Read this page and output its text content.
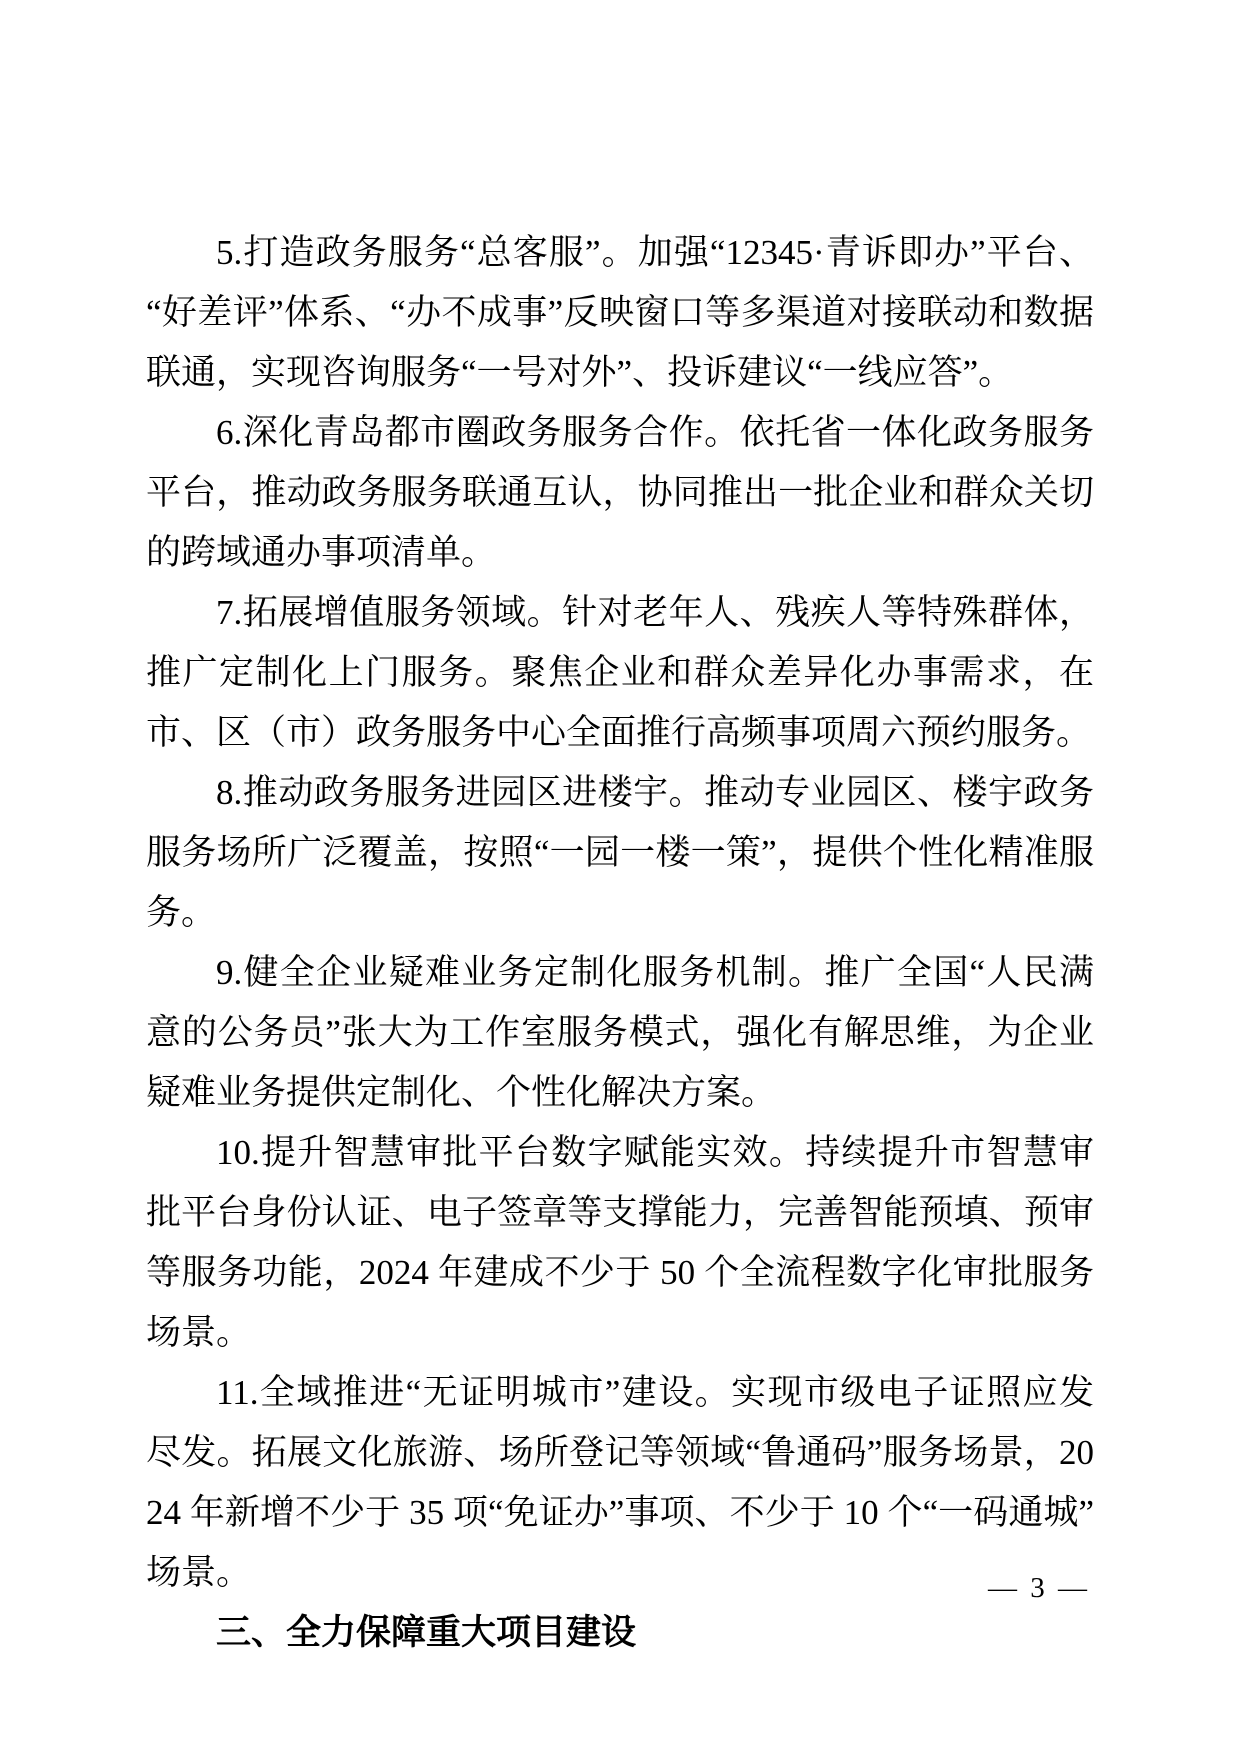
5.打造政务服务“总客服”。加强“12345·青诉即办”平台、“好差评”体系、“办不成事”反映窗口等多渠道对接联动和数据联通，实现咨询服务“一号对外”、投诉建议“一线应答”。

6.深化青岛都市圈政务服务合作。依托省一体化政务服务平台，推动政务服务联通互认，协同推出一批企业和群众关切的跨域通办事项清单。

7.拓展增值服务领域。针对老年人、残疾人等特殊群体，推广定制化上门服务。聚焦企业和群众差异化办事需求，在市、区（市）政务服务中心全面推行高频事项周六预约服务。

8.推动政务服务进园区进楼宇。推动专业园区、楼宇政务服务场所广泛覆盖，按照“一园一楼一策”，提供个性化精准服务。

9.健全企业疑难业务定制化服务机制。推广全国“人民满意的公务员”张大为工作室服务模式，强化有解思维，为企业疑难业务提供定制化、个性化解决方案。

10.提升智慧审批平台数字赋能实效。持续提升市智慧审批平台身份认证、电子签章等支撑能力，完善智能预填、预审等服务功能，2024 年建成不少于 50 个全流程数字化审批服务场景。

11.全域推进“无证明城市”建设。实现市级电子证照应发尽发。拓展文化旅游、场所登记等领域“鲁通码”服务场景，2024 年新增不少于 35 项“免证办”事项、不少于 10 个“一码通城”场景。

三、全力保障重大项目建设

— 3 —
